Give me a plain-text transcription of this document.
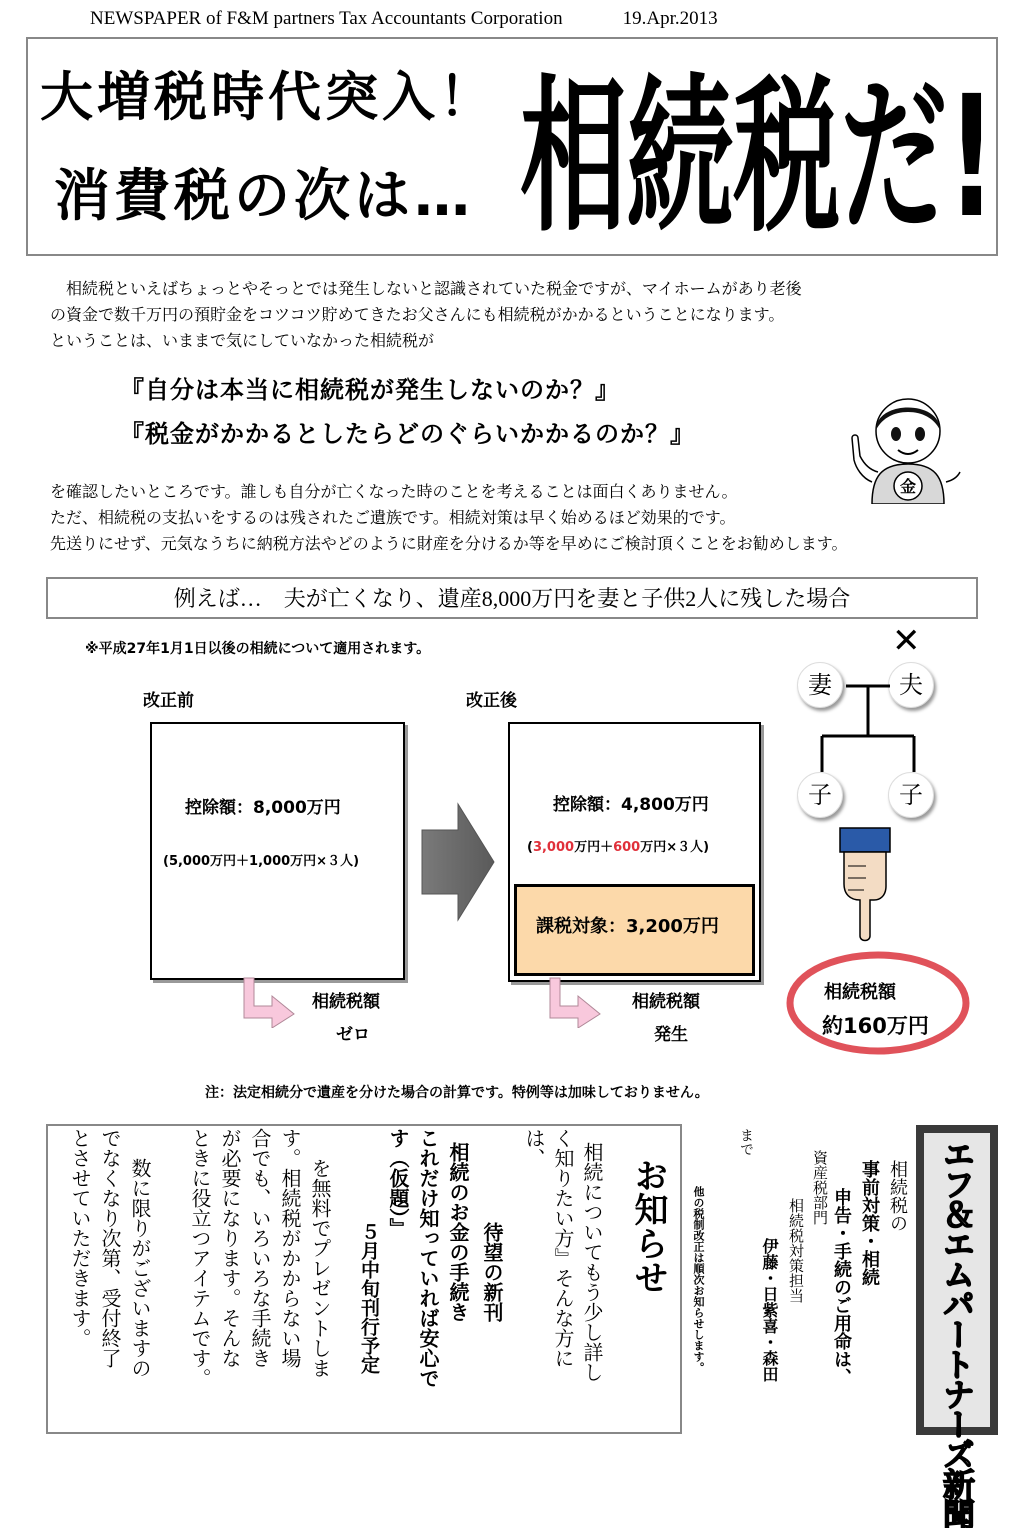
NEWSPAPER of F&M partners Tax Accountants Corporation	19.Apr.2013
大増税時代突入！
消費税の次は… 相続税だ!
　相続税といえばちょっとやそっとでは発生しないと認識されていた税金ですが、マイホームがあり老後
の資金で数千万円の預貯金をコツコツ貯めてきたお父さんにも相続税がかかるということになります。
ということは、いままで気にしていなかった相続税が
『自分は本当に相続税が発生しないのか？』
『税金がかかるとしたらどのぐらいかかるのか？』
金
を確認したいところです。誰しも自分が亡くなった時のことを考えることは面白くありません。
ただ、相続税の支払いをするのは残されたご遺族です。相続対策は早く始めるほど効果的です。
先送りにせず、元気なうちに納税方法やどのように財産を分けるか等を早めにご検討頂くことをお勧めします。
例えば…　夫が亡くなり、遺産8,000万円を妻と子供2人に残した場合
※平成27年1月1日以後の相続について適用されます。
改正前	改正後
控除額：8,000万円
(5,000万円＋1,000万円×３人)
控除額：4,800万円
(3,000万円＋600万円×３人)
課税対象：3,200万円
相続税額
ゼロ
相続税額
発生
✕
妻	夫
子	子
相続税額
約160万円
注：法定相続分で遺産を分けた場合の計算です。特例等は加味しておりません。
お知らせ
相続についてもう少し詳し
く知りたい方』そんな方に
は、
待望の新刊
相続のお金の手続き
これだけ知っていれば安心で
す（仮題）』
５月中旬刊行予定
を無料でプレゼントしま
す。相続税がかからない場
合でも、いろいろな手続き
が必要になります。そんな
ときに役立つアイテムです。
数に限りがございますの
でなくなり次第、受付終了
とさせていただきます。	他の税制改正は順次お知らせします。	相続税の
事前対策・相続
申告・手続のご用命は、
資産税部門
相続税対策担当
伊藤・日紫喜・森田
まで	エフ＆エムパートナーズ新聞
